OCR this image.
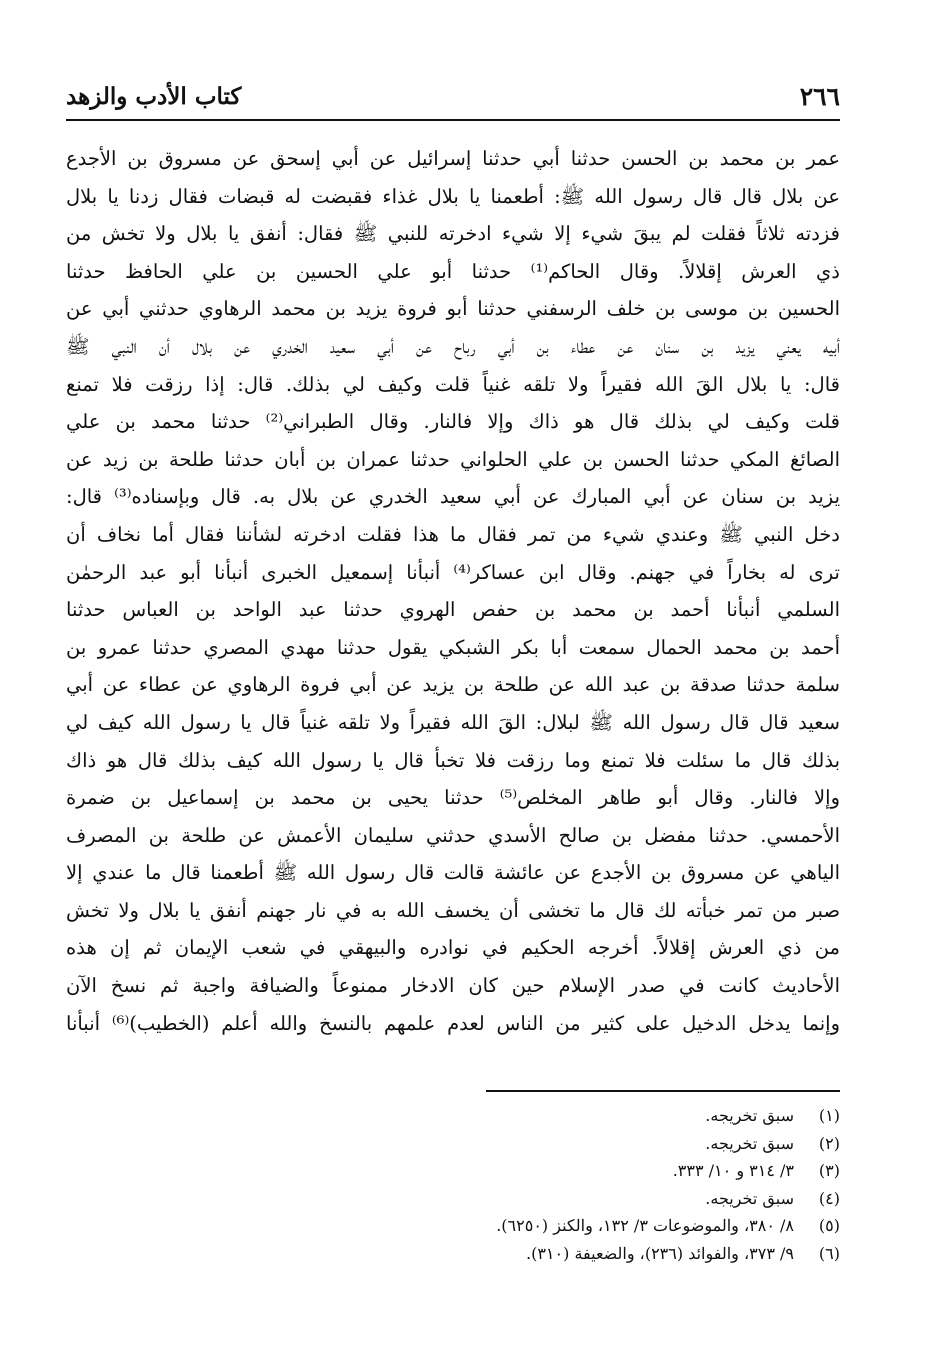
٢٦٦
كتاب الأدب والزهد
عمر بن محمد بن الحسن حدثنا أبي حدثنا إسرائيل عن أبي إسحق عن مسروق بن الأجدع
عن بلال قال قال رسول الله ﷺ: أطعمنا يا بلال غذاء فقبضت له قبضات فقال زدنا يا بلال
فزدته ثلاثاً فقلت لم يبقَ شيء إلا شيء ادخرته للنبي ﷺ فقال: أنفق يا بلال ولا تخش من
ذي العرش إقلالاً. وقال الحاكم⁽¹⁾ حدثنا أبو علي الحسين بن علي الحافظ حدثنا
الحسين بن موسى بن خلف الرسفني حدثنا أبو فروة يزيد بن محمد الرهاوي حدثني أبي عن
أبيه يعني يزيد بن سنان عن عطاء بن أبي رباح عن أبي سعيد الخدري عن بلال أن النبي ﷺ
قال: يا بلال القَ الله فقيراً ولا تلقه غنياً قلت وكيف لي بذلك. قال: إذا رزقت فلا تمنع
قلت وكيف لي بذلك قال هو ذاك وإلا فالنار. وقال الطبراني⁽²⁾ حدثنا محمد بن علي
الصائغ المكي حدثنا الحسن بن علي الحلواني حدثنا عمران بن أبان حدثنا طلحة بن زيد عن
يزيد بن سنان عن أبي المبارك عن أبي سعيد الخدري عن بلال به. قال وبإسناده⁽³⁾ قال:
دخل النبي ﷺ وعندي شيء من تمر فقال ما هذا فقلت ادخرته لشأننا فقال أما نخاف أن
ترى له بخاراً في جهنم. وقال ابن عساكر⁽⁴⁾ أنبأنا إسمعيل الخبرى أنبأنا أبو عبد الرحمٰن
السلمي أنبأنا أحمد بن محمد بن حفص الهروي حدثنا عبد الواحد بن العباس حدثنا
أحمد بن محمد الحمال سمعت أبا بكر الشبكي يقول حدثنا مهدي المصري حدثنا عمرو بن
سلمة حدثنا صدقة بن عبد الله عن طلحة بن يزيد عن أبي فروة الرهاوي عن عطاء عن أبي
سعيد قال قال رسول الله ﷺ لبلال: القَ الله فقيراً ولا تلقه غنياً قال يا رسول الله كيف لي
بذلك قال ما سئلت فلا تمنع وما رزقت فلا تخبأ قال يا رسول الله كيف بذلك قال هو ذاك
وإلا فالنار. وقال أبو طاهر المخلص⁽⁵⁾ حدثنا يحيى بن محمد بن إسماعيل بن ضمرة
الأحمسي. حدثنا مفضل بن صالح الأسدي حدثني سليمان الأعمش عن طلحة بن المصرف
الياهي عن مسروق بن الأجدع عن عائشة قالت قال رسول الله ﷺ أطعمنا قال ما عندي إلا
صبر من تمر خبأته لك قال ما تخشى أن يخسف الله به في نار جهنم أنفق يا بلال ولا تخش
من ذي العرش إقلالاً. أخرجه الحكيم في نوادره والبيهقي في شعب الإيمان ثم إن هذه
الأحاديث كانت في صدر الإسلام حين كان الادخار ممنوعاً والضيافة واجبة ثم نسخ الآن
وإنما يدخل الدخيل على كثير من الناس لعدم علمهم بالنسخ والله أعلم (الخطيب)⁽⁶⁾ أنبأنا
(١)سبق تخريجه.
(٢)سبق تخريجه.
(٣)٣/ ٣١٤ و ١٠/ ٣٣٣.
(٤)سبق تخريجه.
(٥)٨/ ٣٨٠، والموضوعات ٣/ ١٣٢، والكنز (٦٢٥٠).
(٦)٩/ ٣٧٣، والفوائد (٢٣٦)، والضعيفة (٣١٠).
